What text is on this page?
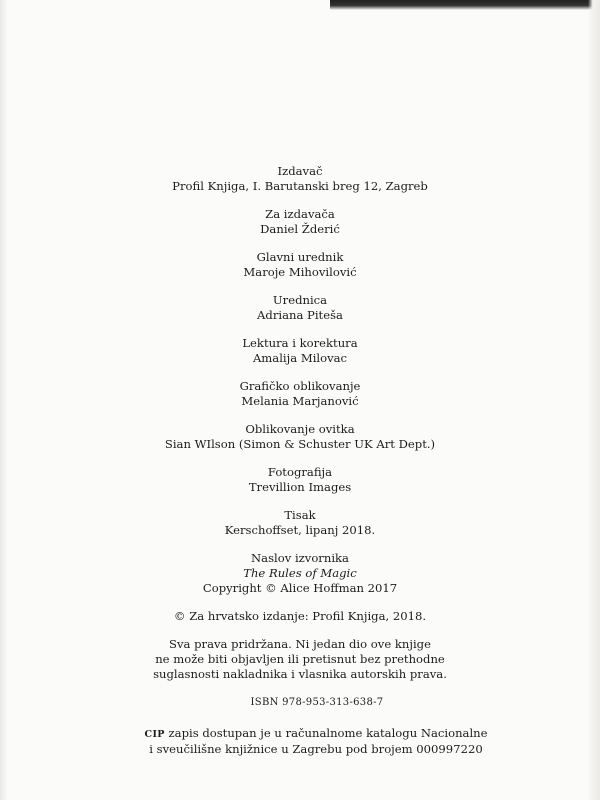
Izdavač
Profil Knjiga, I. Barutanski breg 12, Zagreb
Za izdavača
Daniel Žderić
Glavni urednik
Maroje Mihovilović
Urednica
Adriana Piteša
Lektura i korektura
Amalija Milovac
Grafičko oblikovanje
Melania Marjanović
Oblikovanje ovitka
Sian WIlson (Simon & Schuster UK Art Dept.)
Fotografija
Trevillion Images
Tisak
Kerschoffset, lipanj 2018.
Naslov izvornika
The Rules of Magic
Copyright © Alice Hoffman 2017
© Za hrvatsko izdanje: Profil Knjiga, 2018.
Sva prava pridržana. Ni jedan dio ove knjige
ne može biti objavljen ili pretisnut bez prethodne
suglasnosti nakladnika i vlasnika autorskih prava.
ISBN 978-953-313-638-7
CIP zapis dostupan je u računalnome katalogu Nacionalne
i sveučilišne knjižnice u Zagrebu pod brojem 000997220
